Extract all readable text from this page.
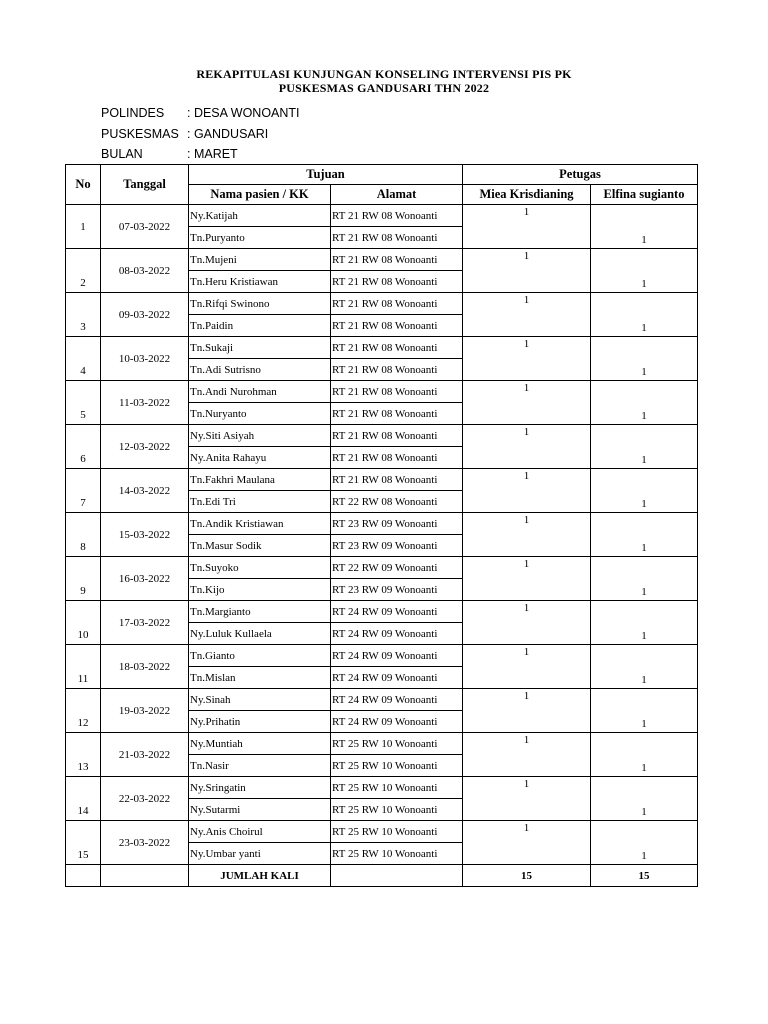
REKAPITULASI KUNJUNGAN KONSELING INTERVENSI PIS PK
PUSKESMAS GANDUSARI THN 2022
POLINDES : DESA WONOANTI
PUSKESMAS : GANDUSARI
BULAN	: MARET
No	Tanggal	Tujuan		Petugas	
		Nama pasien / KK	Alamat	Miea Krisdianing	Elfina sugianto
1	07-03-2022	Ny.Katijah	RT 21 RW 08 Wonoanti	1	
		Tn.Puryanto	RT 21 RW 08 Wonoanti		1
2	08-03-2022	Tn.Mujeni	RT 21 RW 08 Wonoanti	1	
		Tn.Heru Kristiawan	RT 21 RW 08 Wonoanti		1
3	09-03-2022	Tn.Rifqi Swinono	RT 21 RW 08 Wonoanti	1	
		Tn.Paidin	RT 21 RW 08 Wonoanti		1
4	10-03-2022	Tn.Sukaji	RT 21 RW 08 Wonoanti	1	
		Tn.Adi Sutrisno	RT 21 RW 08 Wonoanti		1
5	11-03-2022	Tn.Andi Nurohman	RT 21 RW 08 Wonoanti	1	
		Tn.Nuryanto	RT 21 RW 08 Wonoanti		1
6	12-03-2022	Ny.Siti Asiyah	RT 21 RW 08 Wonoanti	1	
		Ny.Anita Rahayu	RT 21 RW 08 Wonoanti		1
7	14-03-2022	Tn.Fakhri Maulana	RT 21 RW 08 Wonoanti	1	
		Tn.Edi Tri	RT 22 RW 08 Wonoanti		1
8	15-03-2022	Tn.Andik Kristiawan	RT 23 RW 09 Wonoanti	1	
		Tn.Masur Sodik	RT 23 RW 09 Wonoanti		1
9	16-03-2022	Tn.Suyoko	RT 22 RW 09 Wonoanti	1	
		Tn.Kijo	RT 23 RW 09 Wonoanti		1
10	17-03-2022	Tn.Margianto	RT 24 RW 09 Wonoanti	1	
		Ny.Luluk Kullaela	RT 24 RW 09 Wonoanti		1
11	18-03-2022	Tn.Gianto	RT 24 RW 09 Wonoanti	1	
		Tn.Mislan	RT 24 RW 09 Wonoanti		1
12	19-03-2022	Ny.Sinah	RT 24 RW 09 Wonoanti	1	
		Ny.Prihatin	RT 24 RW 09 Wonoanti		1
13	21-03-2022	Ny.Muntiah	RT 25 RW 10 Wonoanti	1	
		Tn.Nasir	RT 25 RW 10 Wonoanti		1
14	22-03-2022	Ny.Sringatin	RT 25 RW 10 Wonoanti	1	
		Ny.Sutarmi	RT 25 RW 10 Wonoanti		1
15	23-03-2022	Ny.Anis Choirul	RT 25 RW 10 Wonoanti	1	
		Ny.Umbar yanti	RT 25 RW 10 Wonoanti		1
		JUMLAH KALI		15	15
